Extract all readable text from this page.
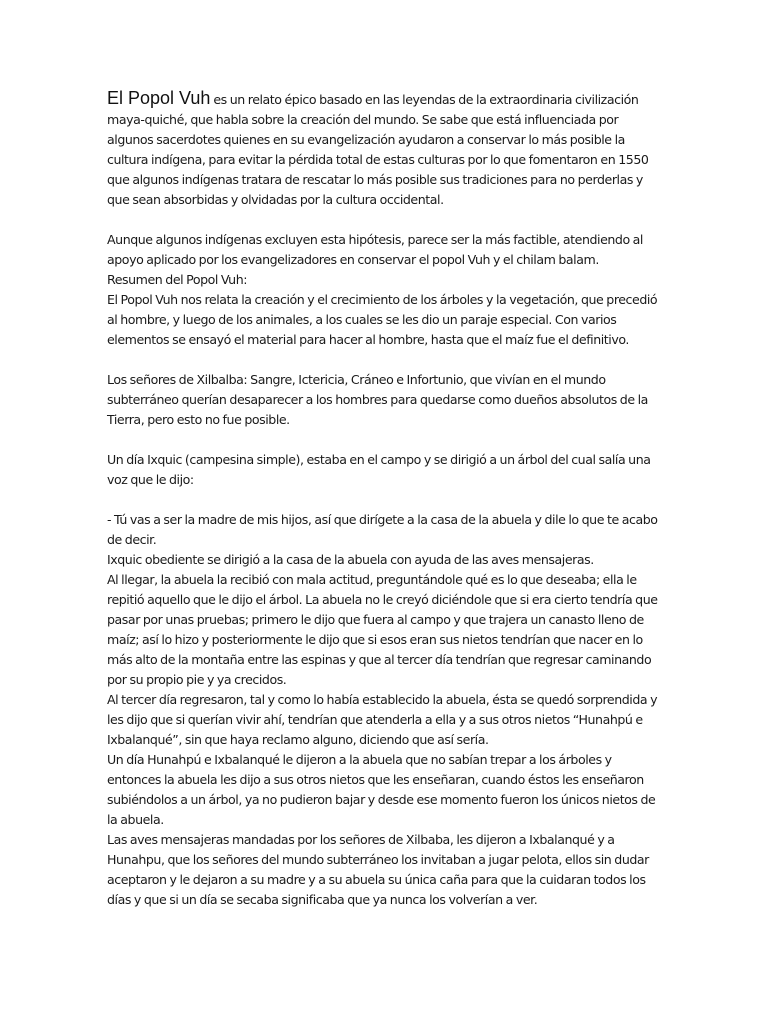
El Popol Vuh es un relato épico basado en las leyendas de la extraordinaria civilización maya-quiché, que habla sobre la creación del mundo. Se sabe que está influenciada por algunos sacerdotes quienes en su evangelización ayudaron a conservar lo más posible la cultura indígena, para evitar la pérdida total de estas culturas por lo que fomentaron en 1550 que algunos indígenas tratara de rescatar lo más posible sus tradiciones para no perderlas y que sean absorbidas y olvidadas por la cultura occidental.

Aunque algunos indígenas excluyen esta hipótesis, parece ser la más factible, atendiendo al apoyo aplicado por los evangelizadores en conservar el popol Vuh y el chilam balam.

Resumen del Popol Vuh:

El Popol Vuh nos relata la creación y el crecimiento de los árboles y la vegetación, que precedió al hombre, y luego de los animales, a los cuales se les dio un paraje especial. Con varios elementos se ensayó el material para hacer al hombre, hasta que el maíz fue el definitivo.

Los señores de Xilbalba: Sangre, Ictericia, Cráneo e Infortunio, que vivían en el mundo subterráneo querían desaparecer a los hombres para quedarse como dueños absolutos de la Tierra, pero esto no fue posible.

Un día Ixquic (campesina simple), estaba en el campo y se dirigió a un árbol del cual salía una voz que le dijo:

- Tú vas a ser la madre de mis hijos, así que dirígete a la casa de la abuela y dile lo que te acabo de decir.

Ixquic obediente se dirigió a la casa de la abuela con ayuda de las aves mensajeras.

Al llegar, la abuela la recibió con mala actitud, preguntándole qué es lo que deseaba; ella le repitió aquello que le dijo el árbol. La abuela no le creyó diciéndole que si era cierto tendría que pasar por unas pruebas; primero le dijo que fuera al campo y que trajera un canasto lleno de maíz; así lo hizo y posteriormente le dijo que si esos eran sus nietos tendrían que nacer en lo más alto de la montaña entre las espinas y que al tercer día tendrían que regresar caminando por su propio pie y ya crecidos.

Al tercer día regresaron, tal y como lo había establecido la abuela, ésta se quedó sorprendida y les dijo que si querían vivir ahí, tendrían que atenderla a ella y a sus otros nietos “Hunahpú e Ixbalanqué”, sin que haya reclamo alguno, diciendo que así sería.

Un día Hunahpú e Ixbalanqué le dijeron a la abuela que no sabían trepar a los árboles y entonces la abuela les dijo a sus otros nietos que les enseñaran, cuando éstos les enseñaron subiéndolos a un árbol, ya no pudieron bajar y desde ese momento fueron los únicos nietos de la abuela.

Las aves mensajeras mandadas por los señores de Xilbaba, les dijeron a Ixbalanqué y a Hunahpu, que los señores del mundo subterráneo los invitaban a jugar pelota, ellos sin dudar aceptaron y le dejaron a su madre y a su abuela su única caña para que la cuidaran todos los días y que si un día se secaba significaba que ya nunca los volverían a ver.
